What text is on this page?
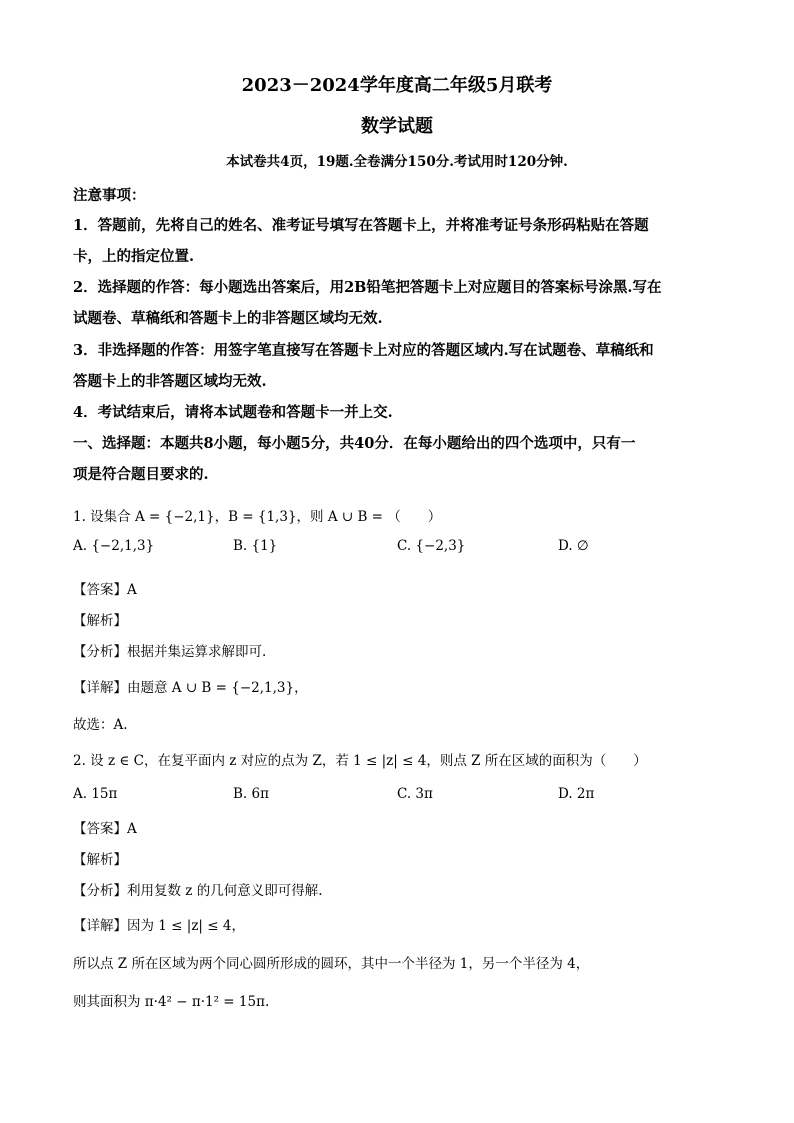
2023－2024学年度高二年级5月联考
数学试题
本试卷共4页，19题.全卷满分150分.考试用时120分钟.
注意事项：
1．答题前，先将自己的姓名、准考证号填写在答题卡上，并将准考证号条形码粘贴在答题
卡，上的指定位置.
2．选择题的作答：每小题选出答案后，用2B铅笔把答题卡上对应题目的答案标号涂黑.写在
试题卷、草稿纸和答题卡上的非答题区域均无效.
3．非选择题的作答：用签字笔直接写在答题卡上对应的答题区域内.写在试题卷、草稿纸和
答题卡上的非答题区域均无效.
4．考试结束后，请将本试题卷和答题卡一并上交.
一、选择题：本题共8小题，每小题5分，共40分．在每小题给出的四个选项中，只有一
项是符合题目要求的.
1. 设集合 A = {−2,1}，B = {1,3}，则 A ∪ B = （　　）
A. {−2,1,3}	B. {1}	C. {−2,3}	D. ∅
【答案】A
【解析】
【分析】根据并集运算求解即可.
【详解】由题意 A ∪ B = {−2,1,3}，
故选：A.
2. 设 z ∈ C，在复平面内 z 对应的点为 Z，若 1 ≤ |z| ≤ 4，则点 Z 所在区域的面积为（　　）
A. 15π	B. 6π	C. 3π	D. 2π
【答案】A
【解析】
【分析】利用复数 z 的几何意义即可得解.
【详解】因为 1 ≤ |z| ≤ 4，
所以点 Z 所在区域为两个同心圆所形成的圆环，其中一个半径为 1，另一个半径为 4，
则其面积为 π·4² − π·1² = 15π.
